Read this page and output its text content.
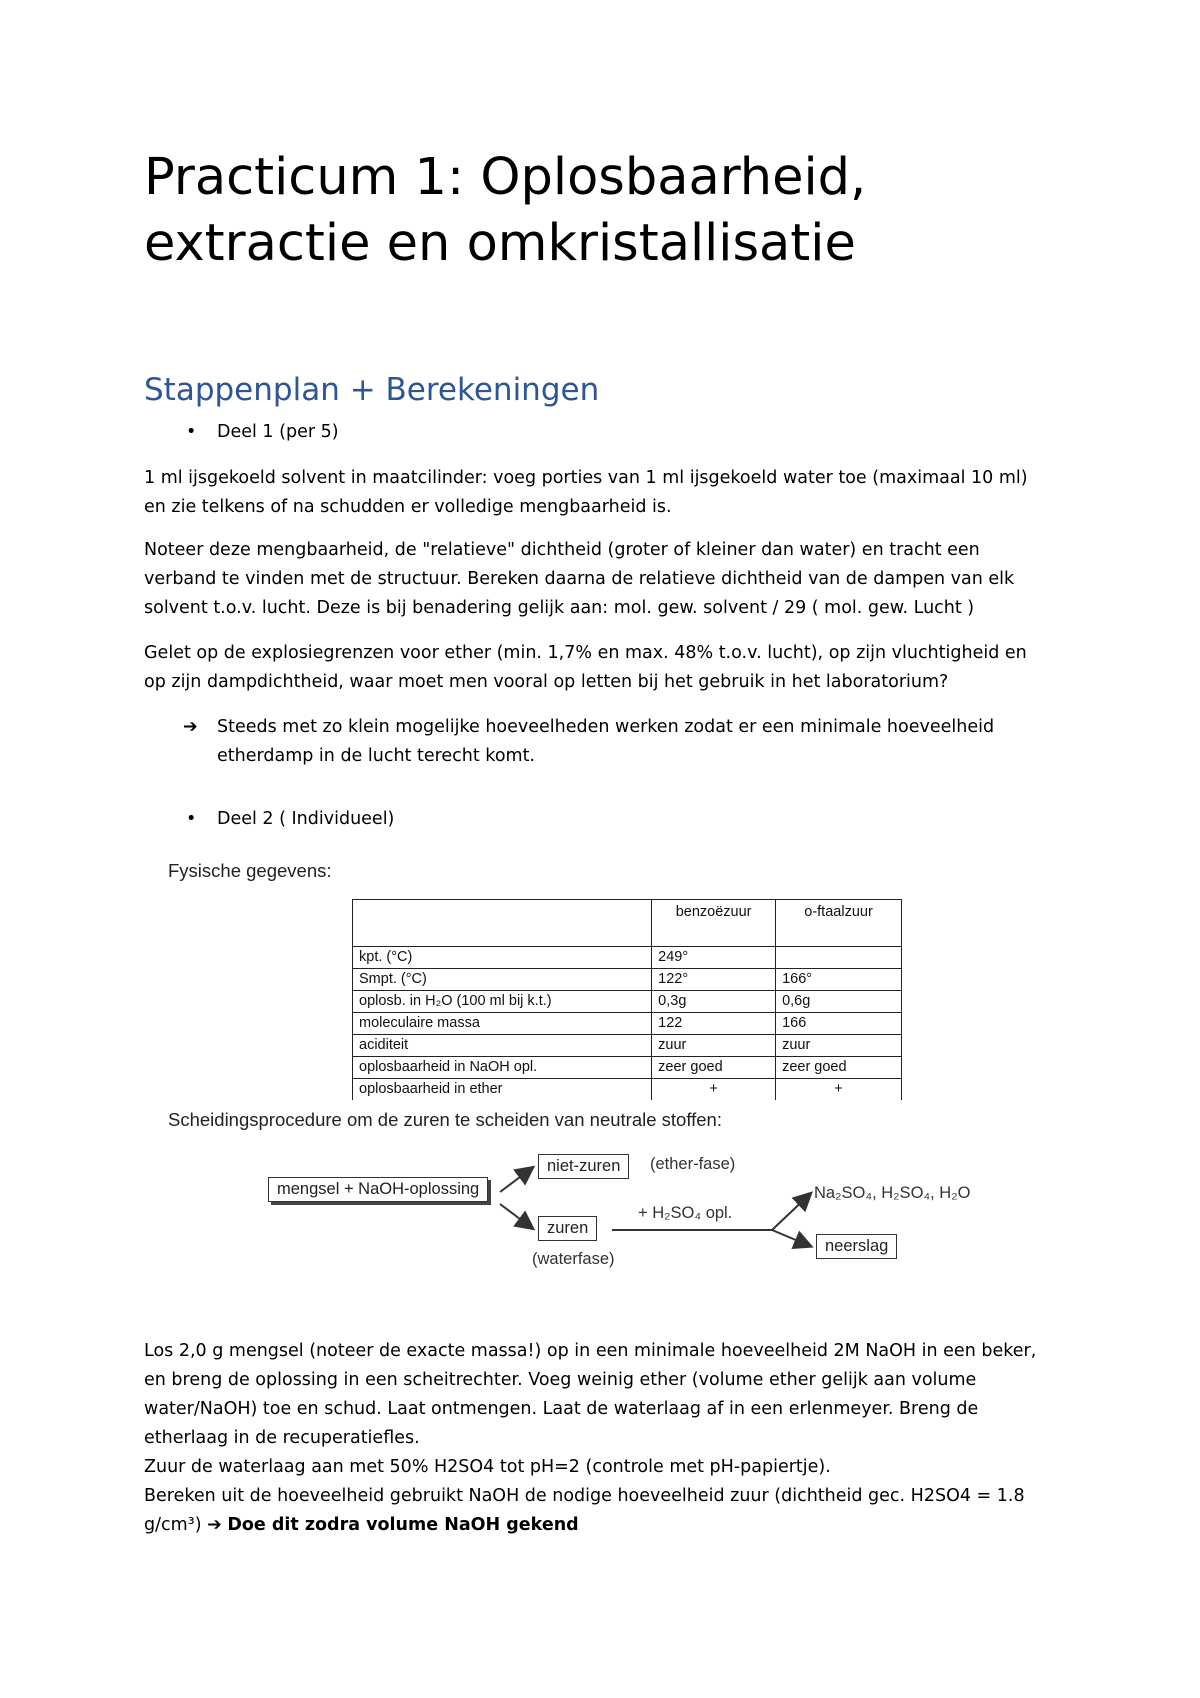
Practicum 1: Oplosbaarheid,
extractie en omkristallisatie
Stappenplan + Berekeningen
• Deel 1 (per 5)
1 ml ijsgekoeld solvent in maatcilinder: voeg porties van 1 ml ijsgekoeld water toe (maximaal 10 ml)
en zie telkens of na schudden er volledige mengbaarheid is.
Noteer deze mengbaarheid, de "relatieve" dichtheid (groter of kleiner dan water) en tracht een
verband te vinden met de structuur. Bereken daarna de relatieve dichtheid van de dampen van elk
solvent t.o.v. lucht. Deze is bij benadering gelijk aan: mol. gew. solvent / 29 ( mol. gew. Lucht )
Gelet op de explosiegrenzen voor ether (min. 1,7% en max. 48% t.o.v. lucht), op zijn vluchtigheid en
op zijn dampdichtheid, waar moet men vooral op letten bij het gebruik in het laboratorium?
➔ Steeds met zo klein mogelijke hoeveelheden werken zodat er een minimale hoeveelheid
etherdamp in de lucht terecht komt.
• Deel 2 ( Individueel)
Fysische gegevens:
	benzoëzuur	o-ftaalzuur
kpt. (°C)	249°	
Smpt. (°C)	122°	166°
oplosb. in H₂O (100 ml bij k.t.)	0,3g	0,6g
moleculaire massa	122	166
aciditeit	zuur	zuur
oplosbaarheid in NaOH opl.	zeer goed	zeer goed
oplosbaarheid in ether	+	+
Scheidingsprocedure om de zuren te scheiden van neutrale stoffen:
mengsel + NaOH-oplossing
niet-zuren	(ether-fase)
zuren
(waterfase)
+ H₂SO₄ opl.
Na₂SO₄, H₂SO₄, H₂O
neerslag
Los 2,0 g mengsel (noteer de exacte massa!) op in een minimale hoeveelheid 2M NaOH in een beker,
en breng de oplossing in een scheitrechter. Voeg weinig ether (volume ether gelijk aan volume
water/NaOH) toe en schud. Laat ontmengen. Laat de waterlaag af in een erlenmeyer. Breng de
etherlaag in de recuperatiefles.
Zuur de waterlaag aan met 50% H2SO4 tot pH=2 (controle met pH-papiertje).
Bereken uit de hoeveelheid gebruikt NaOH de nodige hoeveelheid zuur (dichtheid gec. H2SO4 = 1.8
g/cm³) ➔ Doe dit zodra volume NaOH gekend
